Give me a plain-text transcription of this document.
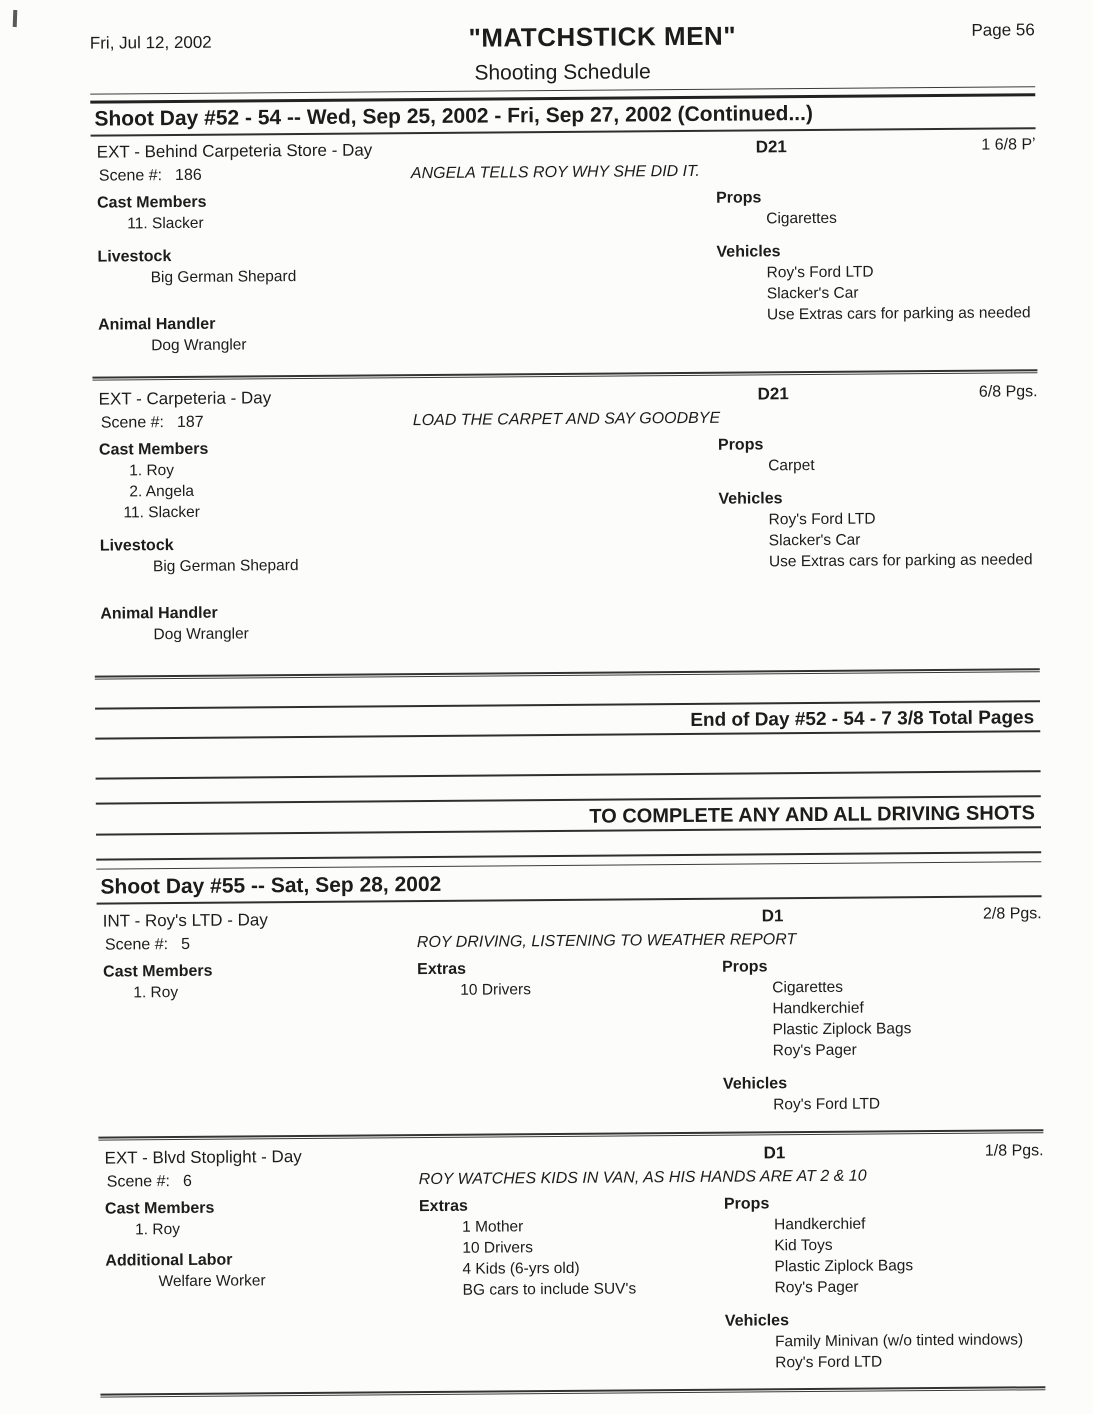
Fri, Jul 12, 2002	"MATCHSTICK MEN"	Page 56
Shooting Schedule
Shoot Day #52 - 54 -- Wed, Sep 25, 2002 - Fri, Sep 27, 2002 (Continued...)
EXT - Behind Carpeteria Store - Day	D21	1 6/8 Pʼ
Scene #: 186	ANGELA TELLS ROY WHY SHE DID IT.
Cast Members
11. Slacker
Livestock
Big German Shepard
Animal Handler
Dog Wrangler
Props
Cigarettes
Vehicles
Roy's Ford LTD
Slacker's Car
Use Extras cars for parking as needed
EXT - Carpeteria - Day	D21	6/8 Pgs.
Scene #: 187	LOAD THE CARPET AND SAY GOODBYE
Cast Members
1. Roy
2. Angela
11. Slacker
Livestock
Big German Shepard
Animal Handler
Dog Wrangler
Props
Carpet
Vehicles
Roy's Ford LTD
Slacker's Car
Use Extras cars for parking as needed
End of Day #52 - 54 - 7 3/8 Total Pages
TO COMPLETE ANY AND ALL DRIVING SHOTS
Shoot Day #55 -- Sat, Sep 28, 2002
INT - Roy's LTD - Day	D1	2/8 Pgs.
Scene #: 5	ROY DRIVING, LISTENING TO WEATHER REPORT
Cast Members
1. Roy
Extras
10 Drivers
Props
Cigarettes
Handkerchief
Plastic Ziplock Bags
Roy's Pager
Vehicles
Roy's Ford LTD
EXT - Blvd Stoplight - Day	D1	1/8 Pgs.
Scene #: 6	ROY WATCHES KIDS IN VAN, AS HIS HANDS ARE AT 2 & 10
Cast Members
1. Roy
Additional Labor
Welfare Worker
Extras
1 Mother
10 Drivers
4 Kids (6-yrs old)
BG cars to include SUV's
Props
Handkerchief
Kid Toys
Plastic Ziplock Bags
Roy's Pager
Vehicles
Family Minivan (w/o tinted windows)
Roy's Ford LTD
